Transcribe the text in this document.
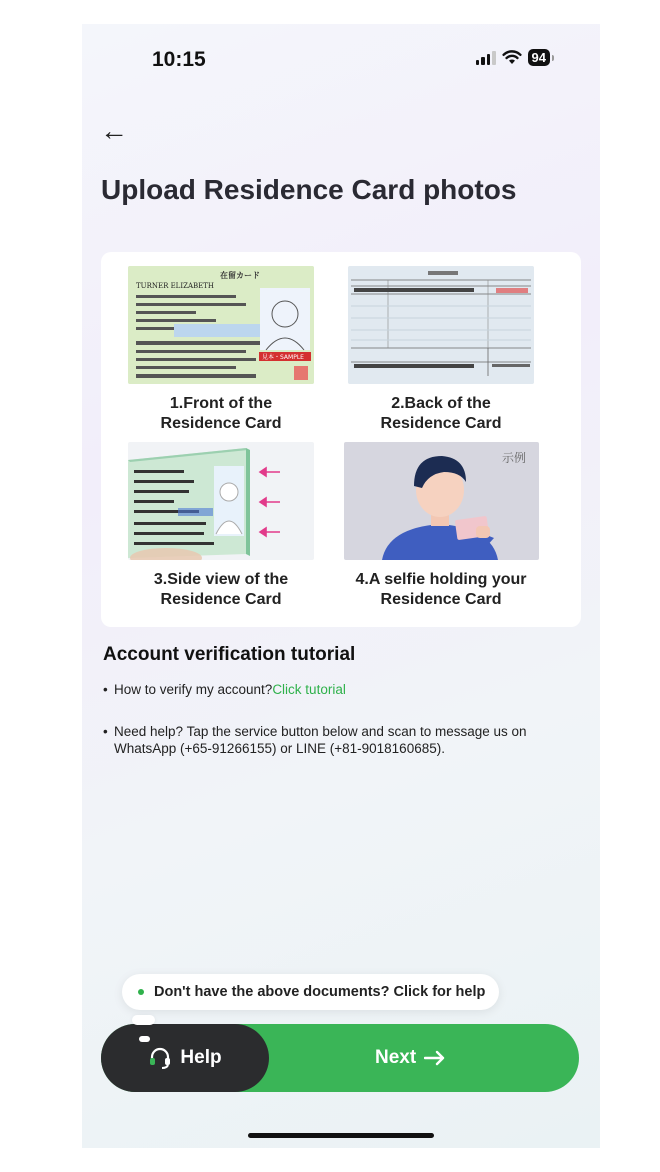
10:15	94
←
Upload Residence Card photos
在留カード
TURNER ELIZABETH
見本・SAMPLE
1.Front of the
Residence Card
2.Back of the
Residence Card
3.Side view of the
Residence Card
示例
4.A selfie holding your
Residence Card
Account verification tutorial
• How to verify my account?Click tutorial
• Need help? Tap the service button below and scan to message us on WhatsApp (+65-91266155) or LINE (+81-9018160685).
Next
Help
Don't have the above documents? Click for help
